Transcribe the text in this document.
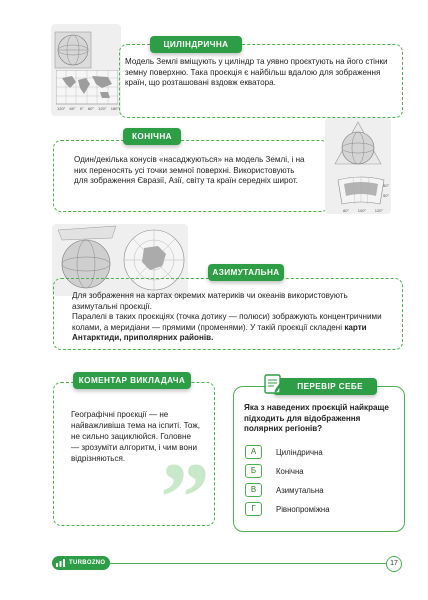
120° 60° 0° 60° 120° 180°
ЦИЛІНДРИЧНА
Модель Землі вміщують у циліндр та уявно проєктують на його стінки земну поверхню. Така проєкція є найбільш вдалою для зображення країн, що розташовані вздовж екватора.
КОНІЧНА
Один/декілька конусів «насаджуються» на модель Землі, і на них переносять усі точки земної поверхні. Використовують для зображення Євразії, Азії, світу та країн середніх широт.
60°
50°
80° 100° 120°
АЗИМУТАЛЬНА
Для зображення на картах окремих материків чи океанів використовують азимутальні проєкції.
Паралелі в таких проєкціях (точка дотику — полюси) зображують концентричними колами, а меридіани — прямими (променями). У такій проєкції складені карти Антарктиди, приполярних районів.
КОМЕНТАР ВИКЛАДАЧА
Географічні проєкції — не найважливіша тема на іспиті. Тож, не сильно зациклюйся. Головне — зрозуміти алгоритм, і чим вони відрізняються. ”
ПЕРЕВІР СЕБЕ
Яка з наведених проєкцій найкраще підходить для відображення полярних регіонів?
А	Циліндрична
Б	Конічна
В	Азимутальна
Г	Рівнопроміжна
TURBOZNO	17
